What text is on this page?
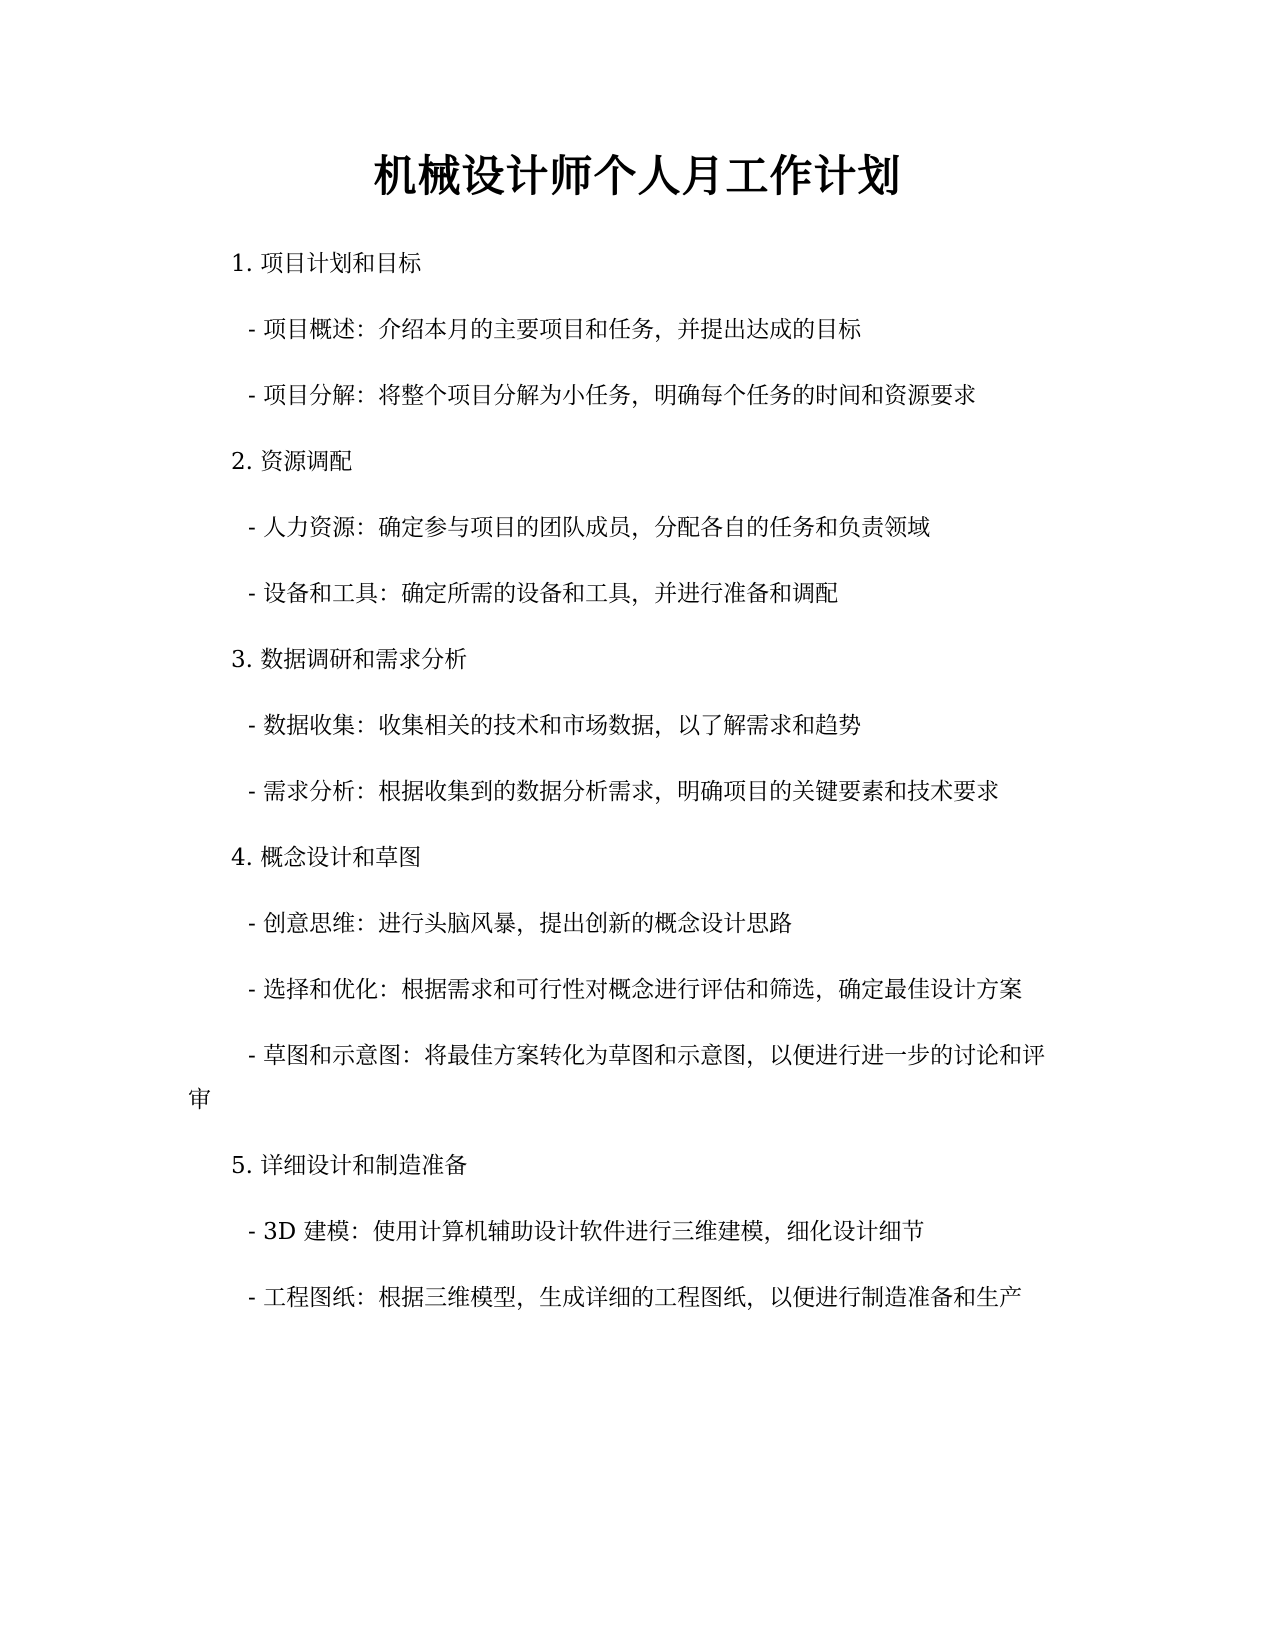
机械设计师个人月工作计划

1. 项目计划和目标

- 项目概述：介绍本月的主要项目和任务，并提出达成的目标

- 项目分解：将整个项目分解为小任务，明确每个任务的时间和资源要求

2. 资源调配

- 人力资源：确定参与项目的团队成员，分配各自的任务和负责领域

- 设备和工具：确定所需的设备和工具，并进行准备和调配

3. 数据调研和需求分析

- 数据收集：收集相关的技术和市场数据，以了解需求和趋势

- 需求分析：根据收集到的数据分析需求，明确项目的关键要素和技术要求

4. 概念设计和草图

- 创意思维：进行头脑风暴，提出创新的概念设计思路

- 选择和优化：根据需求和可行性对概念进行评估和筛选，确定最佳设计方案

- 草图和示意图：将最佳方案转化为草图和示意图，以便进行进一步的讨论和评审

5. 详细设计和制造准备

- 3D 建模：使用计算机辅助设计软件进行三维建模，细化设计细节

- 工程图纸：根据三维模型，生成详细的工程图纸，以便进行制造准备和生产
